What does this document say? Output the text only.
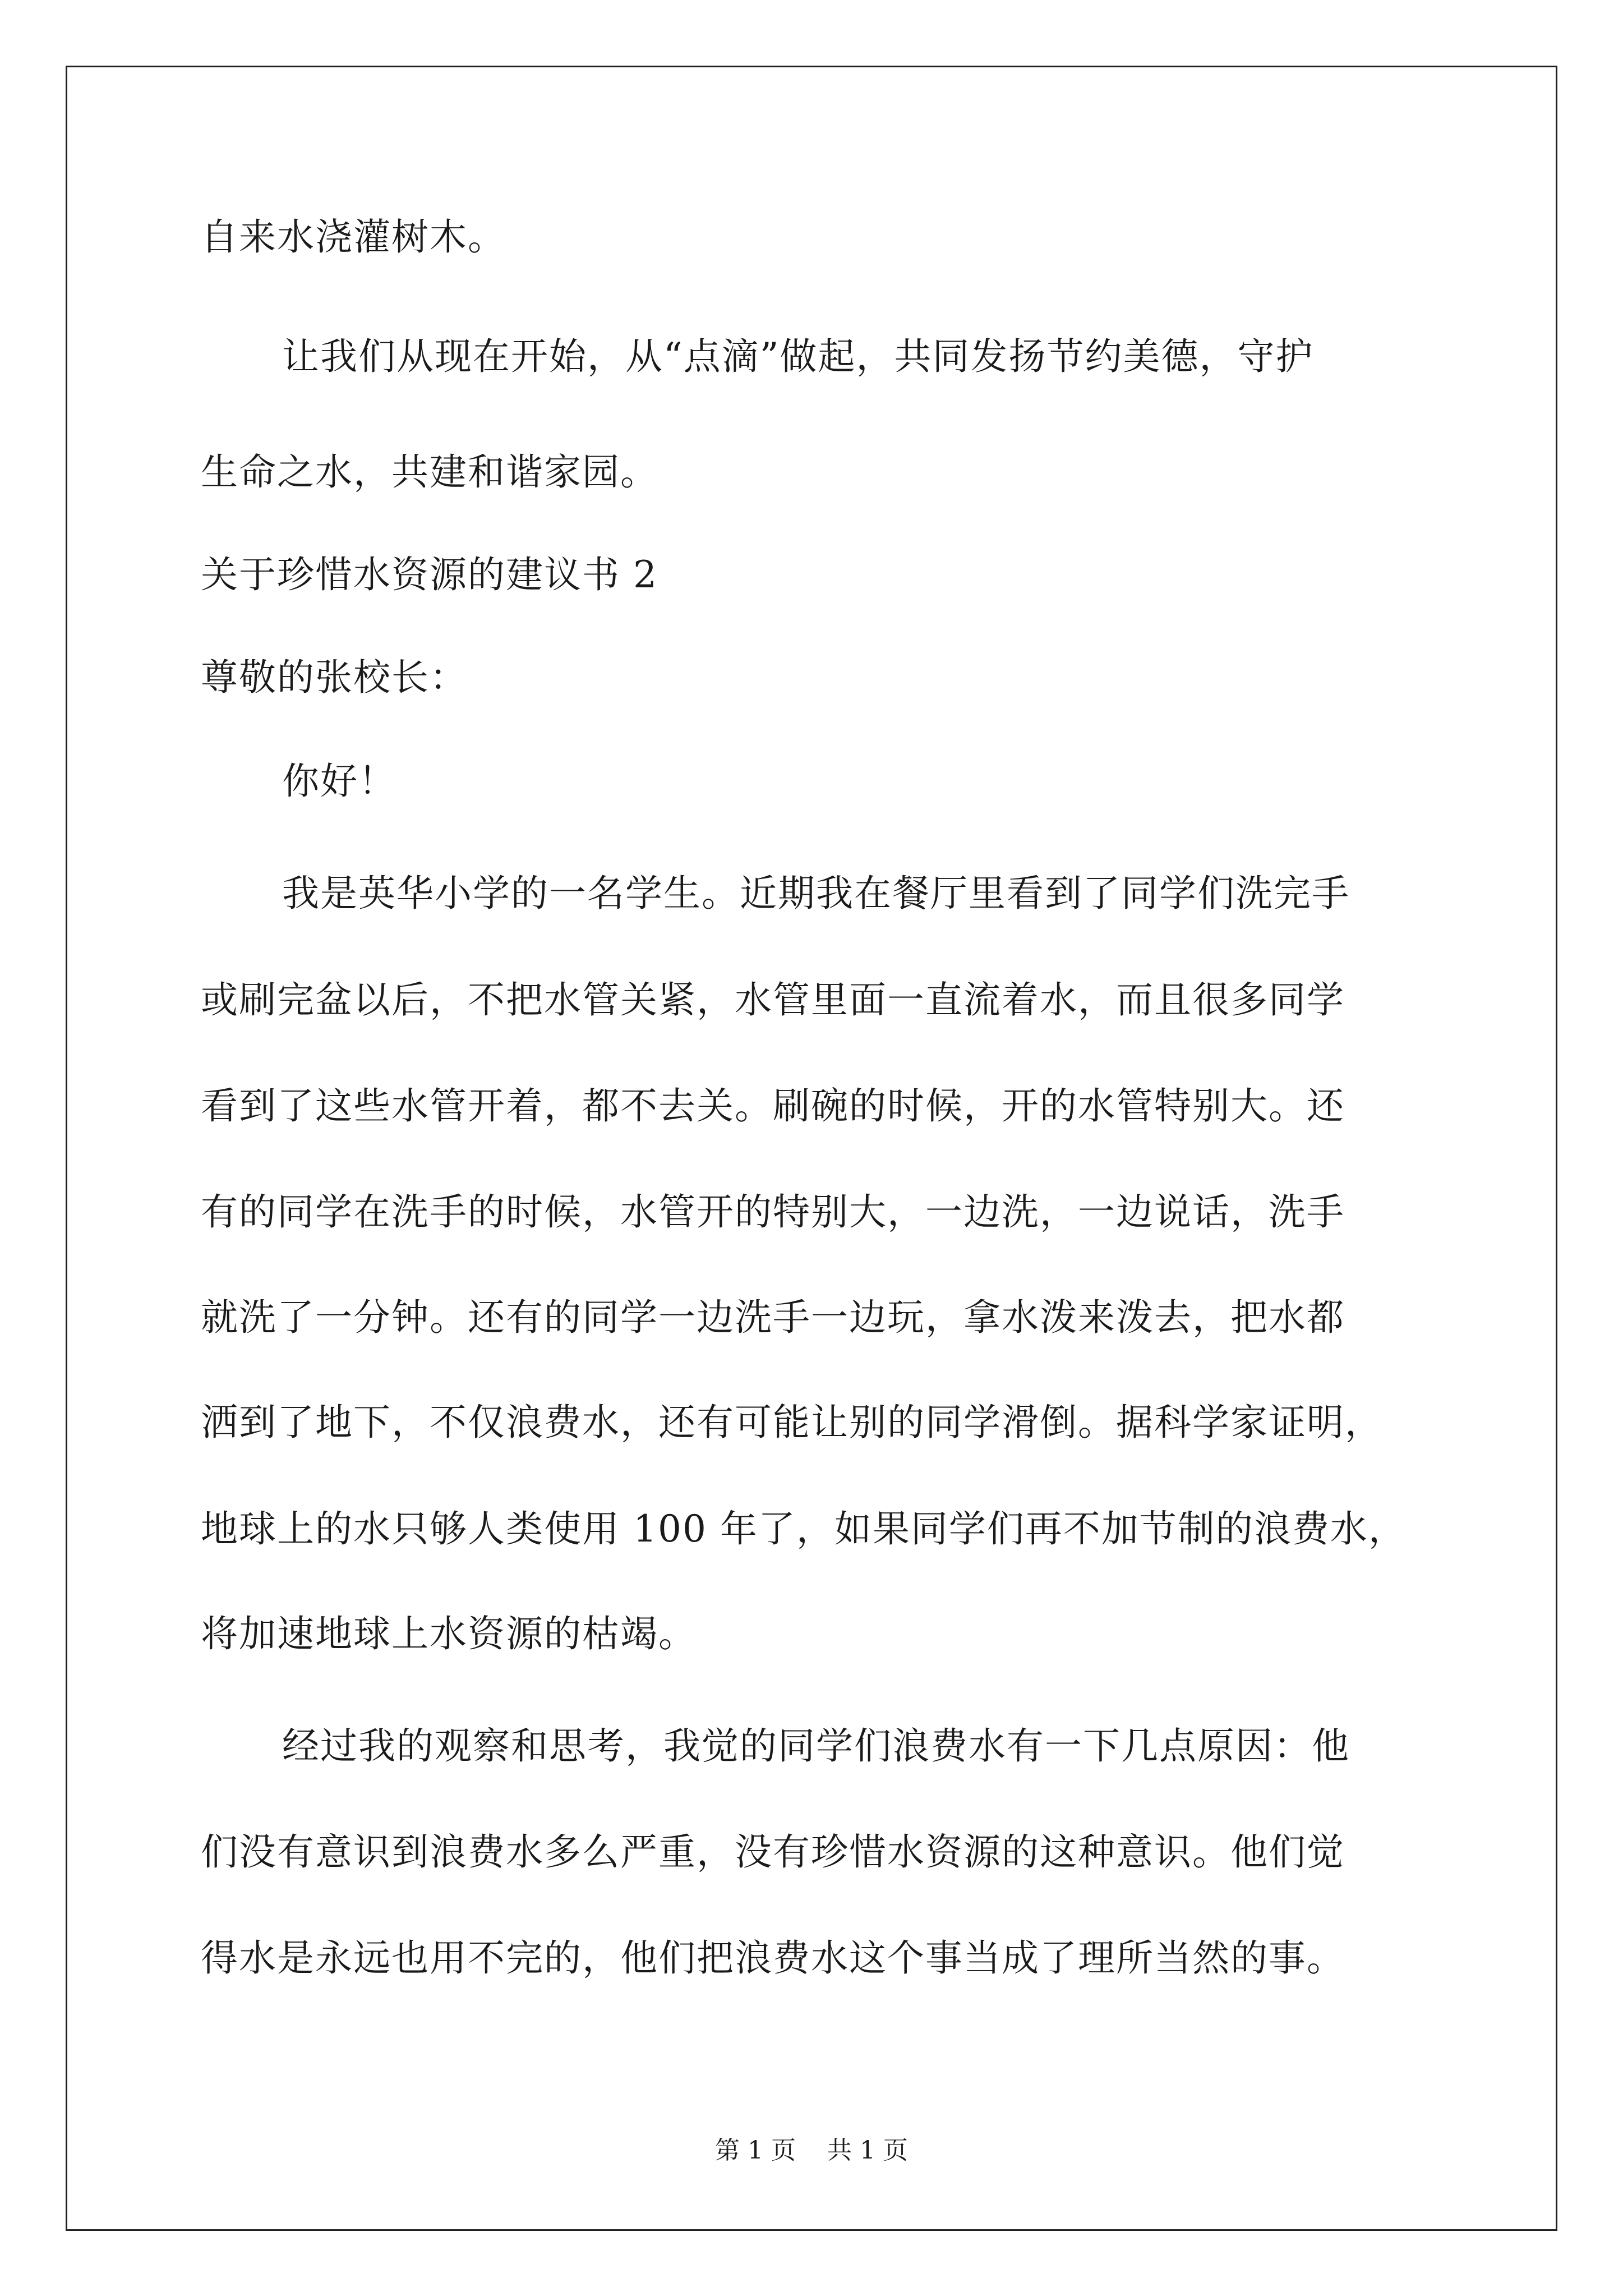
自来水浇灌树木。
让我们从现在开始，从“点滴”做起，共同发扬节约美德，守护
生命之水，共建和谐家园。
关于珍惜水资源的建议书 2
尊敬的张校长：
你好！
我是英华小学的一名学生。近期我在餐厅里看到了同学们洗完手
或刷完盆以后，不把水管关紧，水管里面一直流着水，而且很多同学
看到了这些水管开着，都不去关。刷碗的时候，开的水管特别大。还
有的同学在洗手的时候，水管开的特别大，一边洗，一边说话，洗手
就洗了一分钟。还有的同学一边洗手一边玩，拿水泼来泼去，把水都
洒到了地下，不仅浪费水，还有可能让别的同学滑倒。据科学家证明，
地球上的水只够人类使用 100 年了，如果同学们再不加节制的浪费水，
将加速地球上水资源的枯竭。
经过我的观察和思考，我觉的同学们浪费水有一下几点原因：他
们没有意识到浪费水多么严重，没有珍惜水资源的这种意识。他们觉
得水是永远也用不完的，他们把浪费水这个事当成了理所当然的事。
第 1 页    共 1 页
